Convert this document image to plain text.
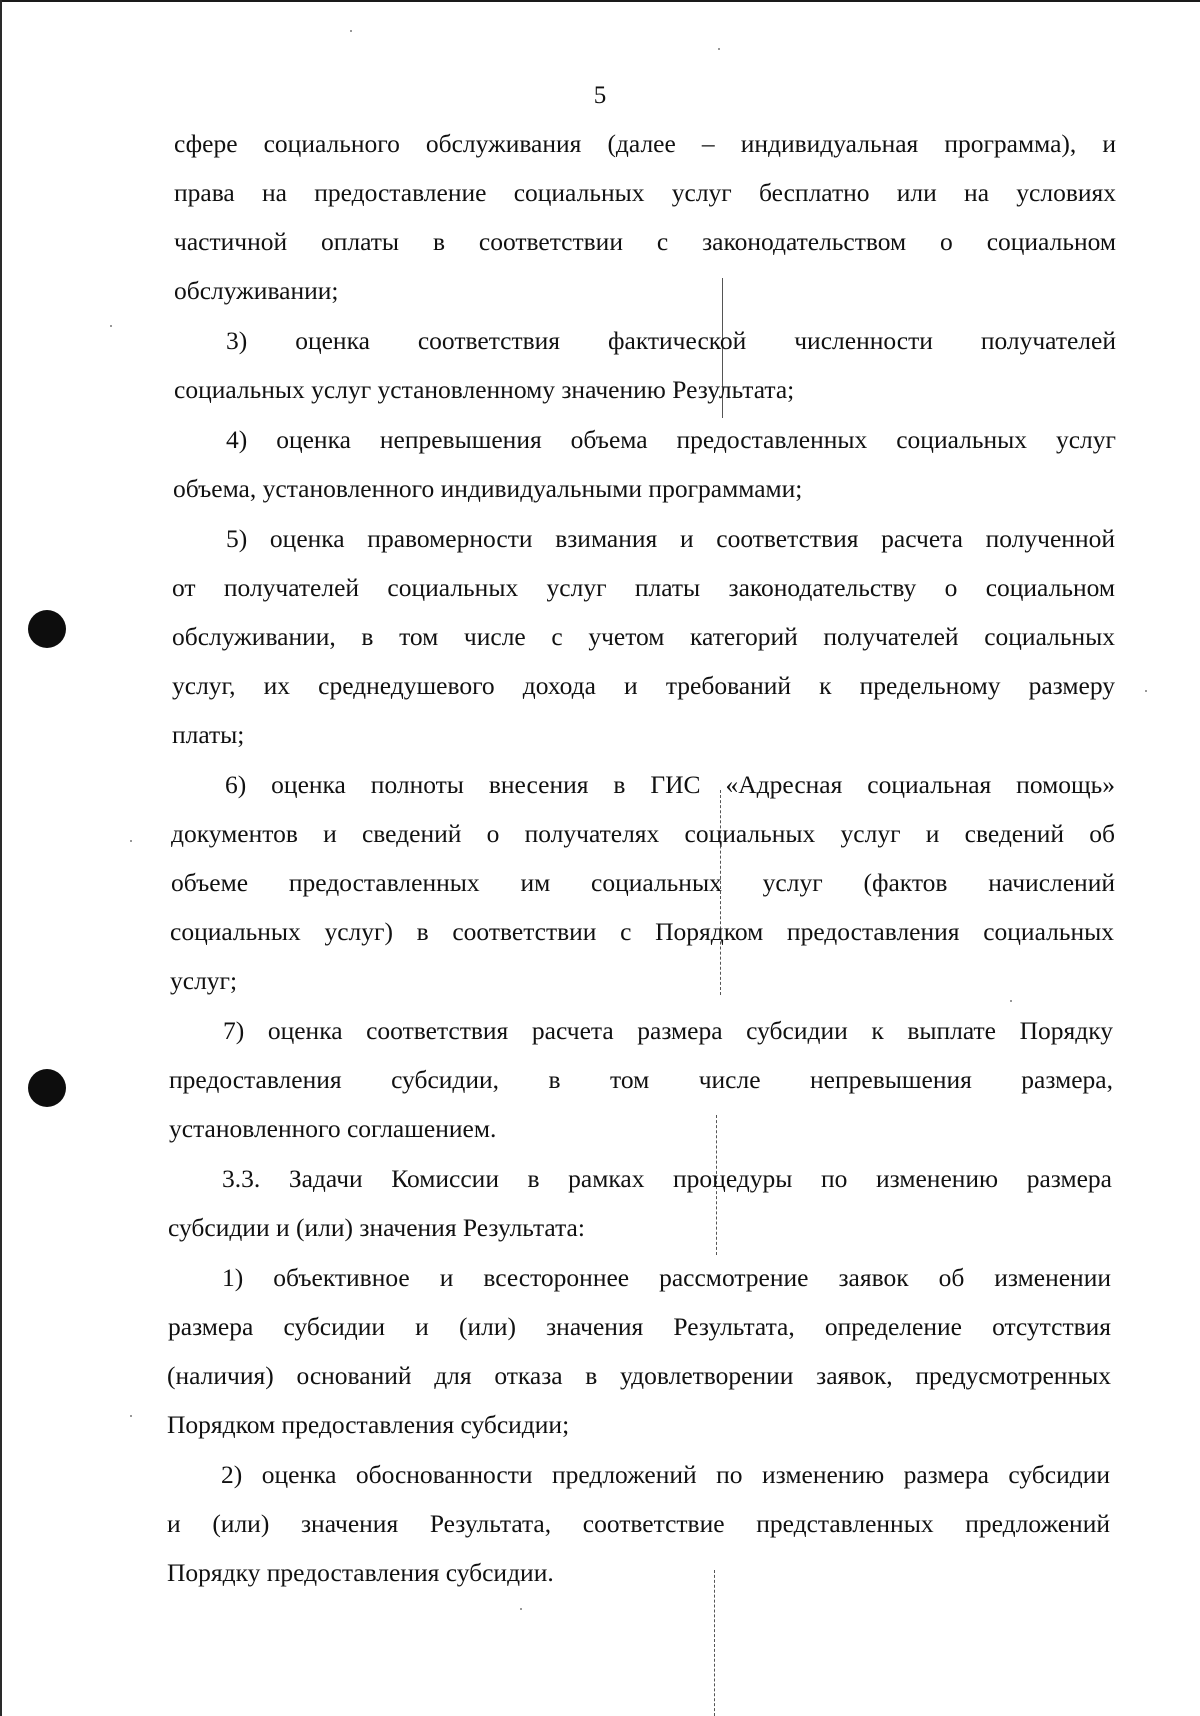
5
сфере социального обслуживания (далее – индивидуальная программа), и
права на предоставление социальных услуг бесплатно или на условиях
частичной оплаты в соответствии с законодательством о социальном
обслуживании;
3) оценка соответствия фактической численности получателей
социальных услуг установленному значению Результата;
4) оценка непревышения объема предоставленных социальных услуг
объема, установленного индивидуальными программами;
5) оценка правомерности взимания и соответствия расчета полученной
от получателей социальных услуг платы законодательству о социальном
обслуживании, в том числе с учетом категорий получателей социальных
услуг, их среднедушевого дохода и требований к предельному размеру
платы;
6) оценка полноты внесения в ГИС «Адресная социальная помощь»
документов и сведений о получателях социальных услуг и сведений об
объеме предоставленных им социальных услуг (фактов начислений
социальных услуг) в соответствии с Порядком предоставления социальных
услуг;
7) оценка соответствия расчета размера субсидии к выплате Порядку
предоставления субсидии, в том числе непревышения размера,
установленного соглашением.
3.3. Задачи Комиссии в рамках процедуры по изменению размера
субсидии и (или) значения Результата:
1) объективное и всестороннее рассмотрение заявок об изменении
размера субсидии и (или) значения Результата, определение отсутствия
(наличия) оснований для отказа в удовлетворении заявок, предусмотренных
Порядком предоставления субсидии;
2) оценка обоснованности предложений по изменению размера субсидии
и (или) значения Результата, соответствие представленных предложений
Порядку предоставления субсидии.
